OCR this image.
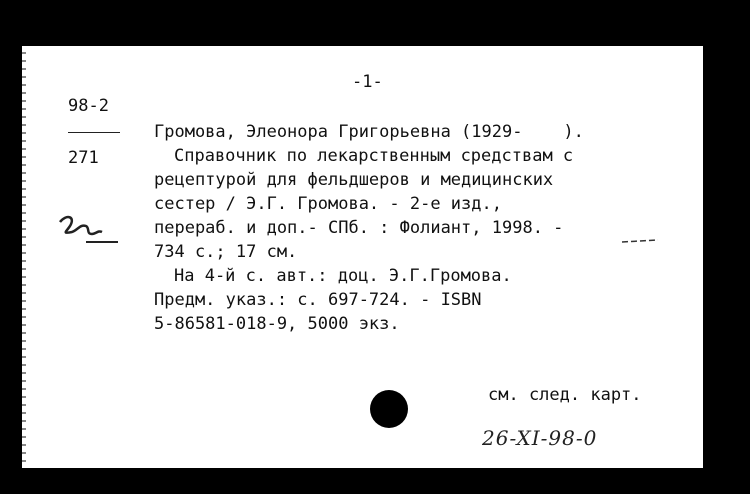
-1-
98-2
271
Громова, Элеонора Григорьевна (1929-    ).
Справочник по лекарственным средствам с
рецептурой для фельдшеров и медицинских
сестер / Э.Г. Громова. - 2-е изд.,
перераб. и доп.- СПб. : Фолиант, 1998. -
734 с.; 17 см.
На 4-й с. авт.: доц. Э.Г.Громова.
Предм. указ.: с. 697-724. - ISBN
5-86581-018-9, 5000 экз.
см. след. карт.
26-XI-98-0
